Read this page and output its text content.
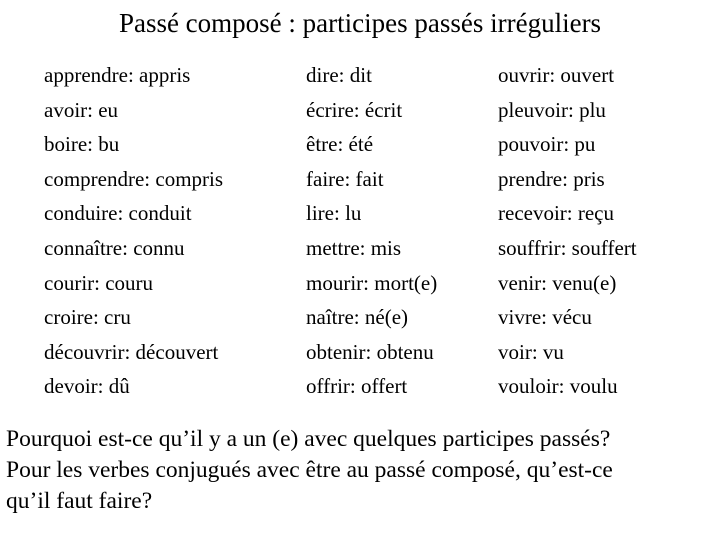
Passé composé : participes passés irréguliers
apprendre: appris
avoir: eu
boire: bu
comprendre: compris
conduire: conduit
connaître: connu
courir: couru
croire: cru
découvrir: découvert
devoir: dû
dire: dit
écrire: écrit
être: été
faire: fait
lire: lu
mettre: mis
mourir: mort(e)
naître: né(e)
obtenir: obtenu
offrir: offert
ouvrir: ouvert
pleuvoir: plu
pouvoir: pu
prendre: pris
recevoir: reçu
souffrir: souffert
venir: venu(e)
vivre: vécu
voir: vu
vouloir: voulu

Pourquoi est-ce qu’il y a un (e) avec quelques participes passés?

Pour les verbes conjugués avec être au passé composé, qu’est-ce

qu’il faut faire?
